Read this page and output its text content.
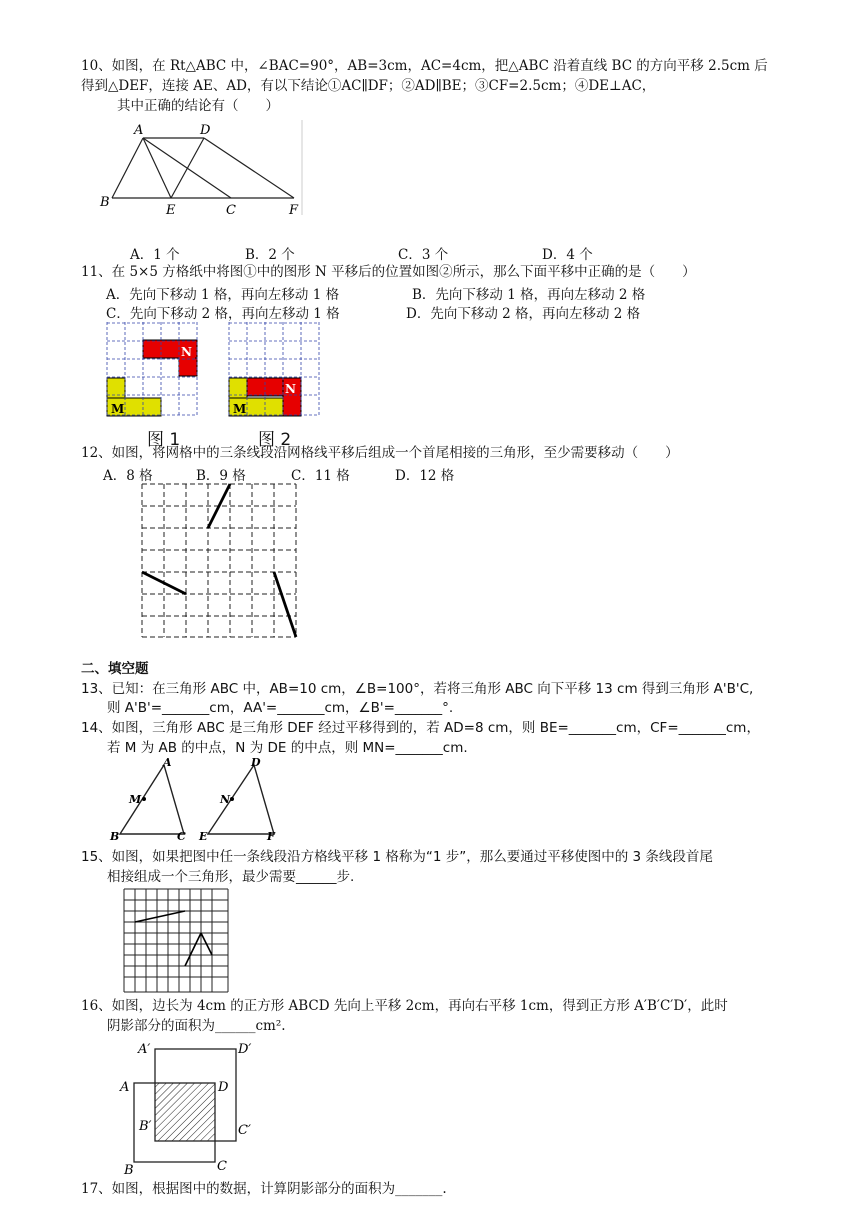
10、如图，在 Rt△ABC 中，∠BAC=90°，AB=3cm，AC=4cm，把△ABC 沿着直线 BC 的方向平移 2.5cm 后
得到△DEF，连接 AE、AD，有以下结论①AC∥DF；②AD∥BE；③CF=2.5cm；④DE⊥AC，
其中正确的结论有（　　）
A	D
B
E	C	F
A．1 个	B．2 个	C．3 个	D．4 个
11、在 5×5 方格纸中将图①中的图形 N 平移后的位置如图②所示，那么下面平移中正确的是（　　）
A．先向下移动 1 格，再向左移动 1 格	B．先向下移动 1 格，再向左移动 2 格
C．先向下移动 2 格，再向左移动 1 格	D．先向下移动 2 格，再向左移动 2 格
N
M
N
M
图 1	图 2
12、如图，将网格中的三条线段沿网格线平移后组成一个首尾相接的三角形，至少需要移动（　　）
A．8 格	B．9 格	C．11 格	D．12 格
二、填空题
13、已知：在三角形 ABC 中，AB=10 cm，∠B=100°，若将三角形 ABC 向下平移 13 cm 得到三角形 A'B'C,
则 A'B'=_______cm，AA'=_______cm，∠B'=_______°.
14、如图，三角形 ABC 是三角形 DEF 经过平移得到的，若 AD=8 cm，则 BE=_______cm，CF=_______cm，
若 M 为 AB 的中点，N 为 DE 的中点，则 MN=_______cm.
A
M
B	C
D
N
E	F
15、如图，如果把图中任一条线段沿方格线平移 1 格称为“1 步”，那么要通过平移使图中的 3 条线段首尾
相接组成一个三角形，最少需要______步.
16、如图，边长为 4cm 的正方形 ABCD 先向上平移 2cm，再向右平移 1cm，得到正方形 A′B′C′D′，此时
阴影部分的面积为______cm².
A′	D′
A	D
B′	C′
B	C
17、如图，根据图中的数据，计算阴影部分的面积为_______.
